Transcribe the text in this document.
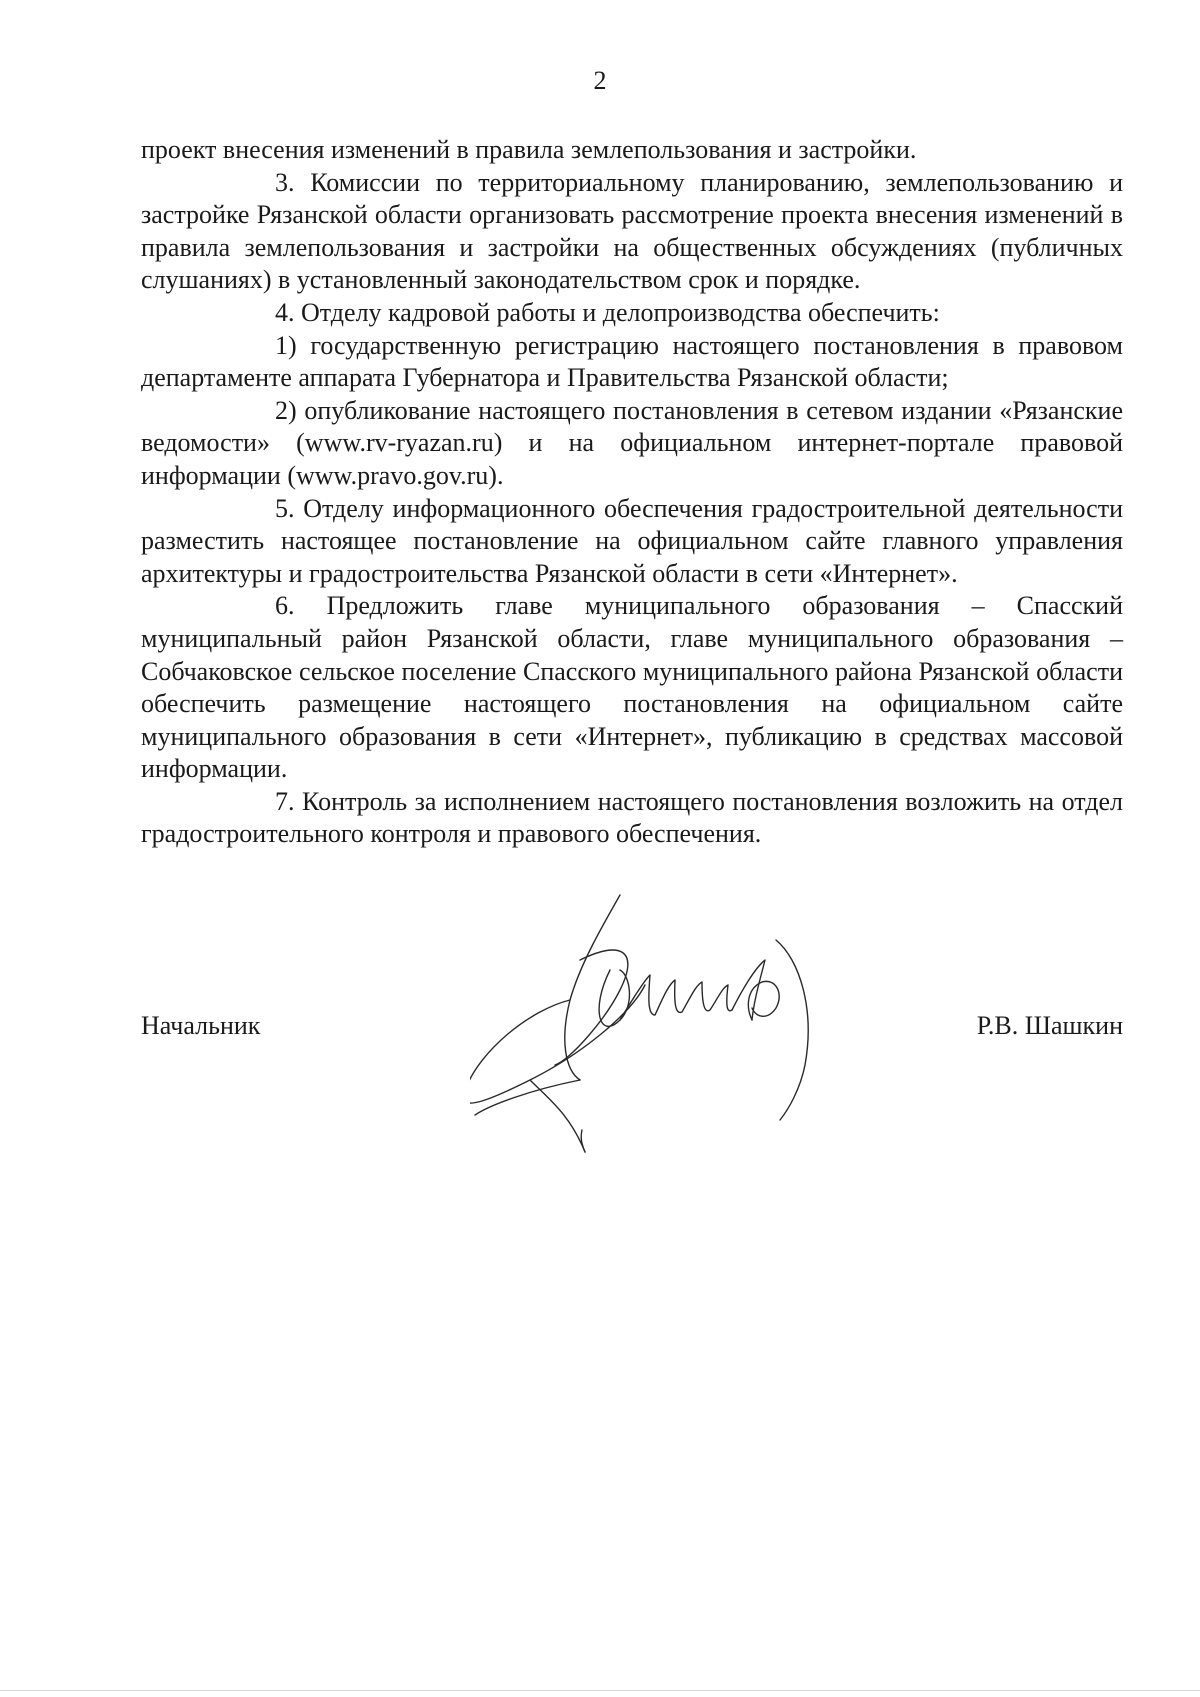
2

проект внесения изменений в правила землепользования и застройки.

3. Комиссии по территориальному планированию, землепользованию и застройке Рязанской области организовать рассмотрение проекта внесения изменений в правила землепользования и застройки на общественных обсуждениях (публичных слушаниях) в установленный законодательством срок и порядке.

4. Отделу кадровой работы и делопроизводства обеспечить:

1) государственную регистрацию настоящего постановления в правовом департаменте аппарата Губернатора и Правительства Рязанской области;

2) опубликование настоящего постановления в сетевом издании «Рязанские ведомости» (www.rv-ryazan.ru) и на официальном интернет-портале правовой информации (www.pravo.gov.ru).

5. Отделу информационного обеспечения градостроительной деятельности разместить настоящее постановление на официальном сайте главного управления архитектуры и градостроительства Рязанской области в сети «Интернет».

6. Предложить главе муниципального образования – Спасский муниципальный район Рязанской области, главе муниципального образования – Собчаковское сельское поселение Спасского муниципального района Рязанской области обеспечить размещение настоящего постановления на официальном сайте муниципального образования в сети «Интернет», публикацию в средствах массовой информации.

7. Контроль за исполнением настоящего постановления возложить на отдел градостроительного контроля и правового обеспечения.

Начальник	Р.В. Шашкин
